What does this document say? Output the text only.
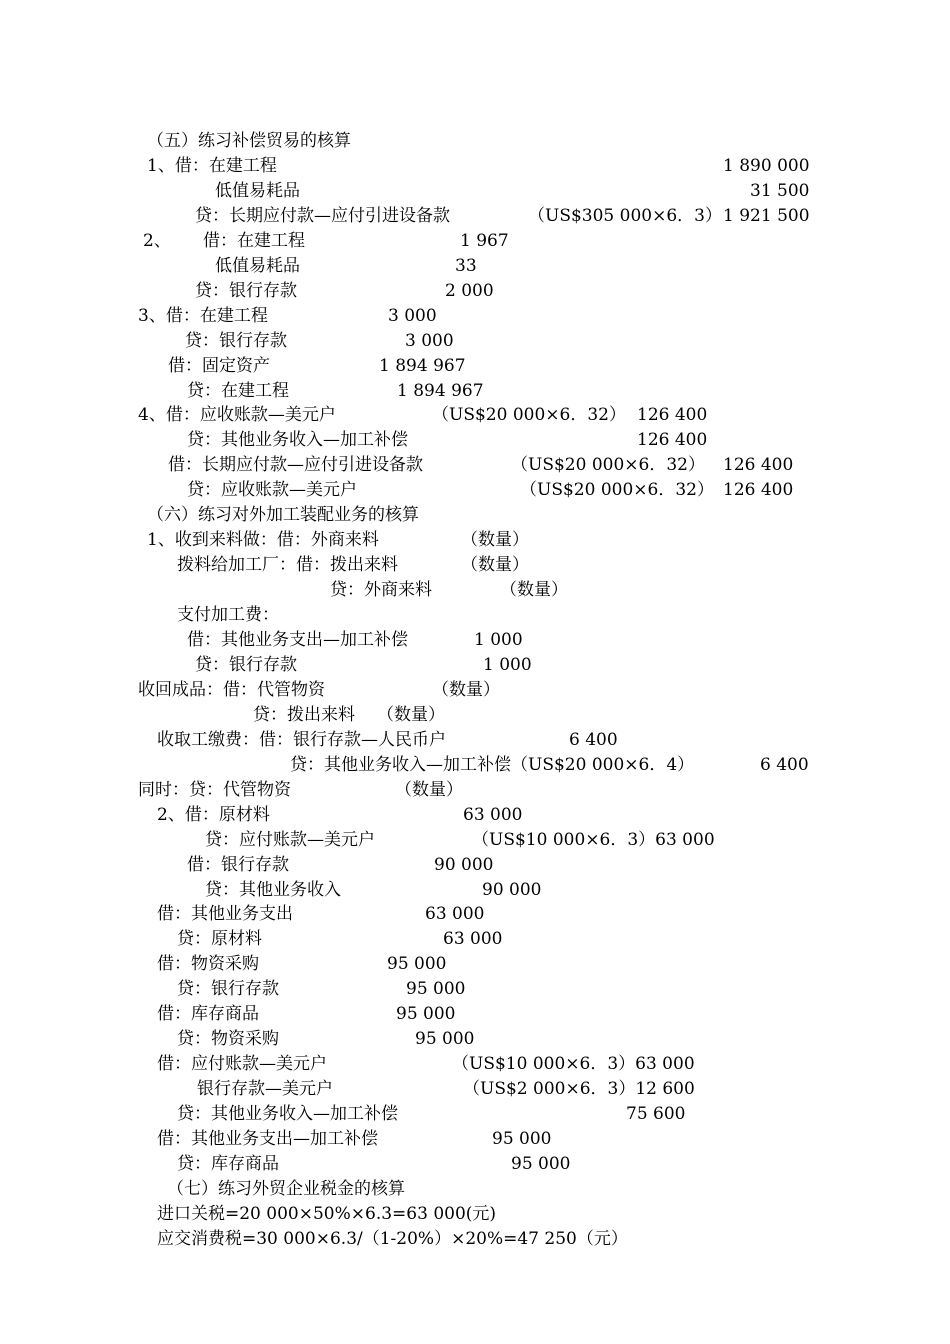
（五）练习补偿贸易的核算
1、借：在建工程	1 890 000
低值易耗品	31 500
贷：长期应付款—应付引进设备款	（US$305 000×6．3） 1 921 500
2、 借：在建工程	1 967
低值易耗品	33
贷：银行存款	2 000
3、借：在建工程	3 000
贷：银行存款	3 000
借：固定资产	1 894 967
贷：在建工程	1 894 967
4、借：应收账款—美元户	（US$20 000×6．32） 126 400
贷：其他业务收入—加工补偿	126 400
借：长期应付款—应付引进设备款	（US$20 000×6．32） 126 400
贷：应收账款—美元户	（US$20 000×6．32） 126 400
（六）练习对外加工装配业务的核算
1、收到来料做：借：外商来料	（数量）
拨料给加工厂：借：拨出来料	（数量）
贷：外商来料	（数量）
支付加工费：
借：其他业务支出—加工补偿	1 000
贷：银行存款	1 000
收回成品：借：代管物资	（数量）
贷：拨出来料 （数量）
收取工缴费：借：银行存款—人民币户	6 400
贷：其他业务收入—加工补偿（US$20 000×6．4）	6 400
同时：贷：代管物资	（数量）
2、借：原材料	63 000
贷：应付账款—美元户	（US$10 000×6．3）63 000
借：银行存款	90 000
贷：其他业务收入	90 000
借：其他业务支出	63 000
贷：原材料	63 000
借：物资采购	95 000
贷：银行存款	95 000
借：库存商品	95 000
贷：物资采购	95 000
借：应付账款—美元户	（US$10 000×6．3）63 000
银行存款—美元户	（US$2 000×6．3）12 600
贷：其他业务收入—加工补偿	75 600
借：其他业务支出—加工补偿	95 000
贷：库存商品	95 000
（七）练习外贸企业税金的核算
进口关税=20 000×50%×6.3=63 000(元)
应交消费税=30 000×6.3/（1-20%）×20%=47 250（元）
